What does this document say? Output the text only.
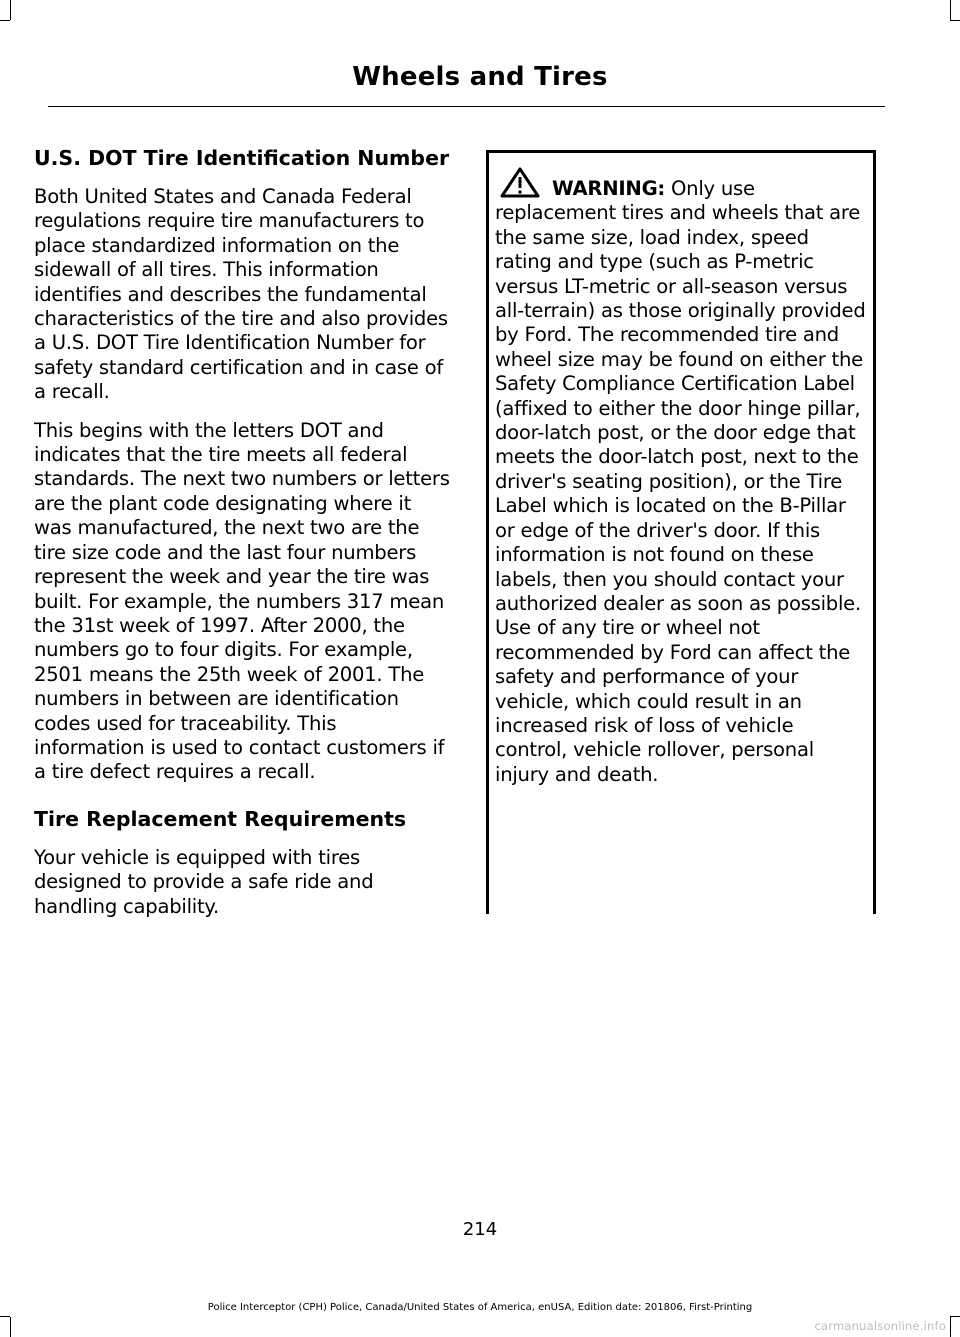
Wheels and Tires
U.S. DOT Tire Identification Number

Both United States and Canada Federal regulations require tire manufacturers to place standardized information on the sidewall of all tires. This information identifies and describes the fundamental characteristics of the tire and also provides a U.S. DOT Tire Identification Number for safety standard certification and in case of a recall.

This begins with the letters DOT and indicates that the tire meets all federal standards. The next two numbers or letters are the plant code designating where it was manufactured, the next two are the tire size code and the last four numbers represent the week and year the tire was built. For example, the numbers 317 mean the 31st week of 1997. After 2000, the numbers go to four digits. For example, 2501 means the 25th week of 2001. The numbers in between are identification codes used for traceability. This information is used to contact customers if a tire defect requires a recall.

Tire Replacement Requirements

Your vehicle is equipped with tires designed to provide a safe ride and handling capability.

WARNING: Only use replacement tires and wheels that are the same size, load index, speed rating and type (such as P-metric versus LT-metric or all-season versus all-terrain) as those originally provided by Ford. The recommended tire and wheel size may be found on either the Safety Compliance Certification Label (affixed to either the door hinge pillar, door-latch post, or the door edge that meets the door-latch post, next to the driver's seating position), or the Tire Label which is located on the B-Pillar or edge of the driver's door. If this information is not found on these labels, then you should contact your authorized dealer as soon as possible. Use of any tire or wheel not recommended by Ford can affect the safety and performance of your vehicle, which could result in an increased risk of loss of vehicle control, vehicle rollover, personal injury and death.

214
Police Interceptor (CPH) Police, Canada/United States of America, enUSA, Edition date: 201806, First-Printing
carmanualsonline.info
